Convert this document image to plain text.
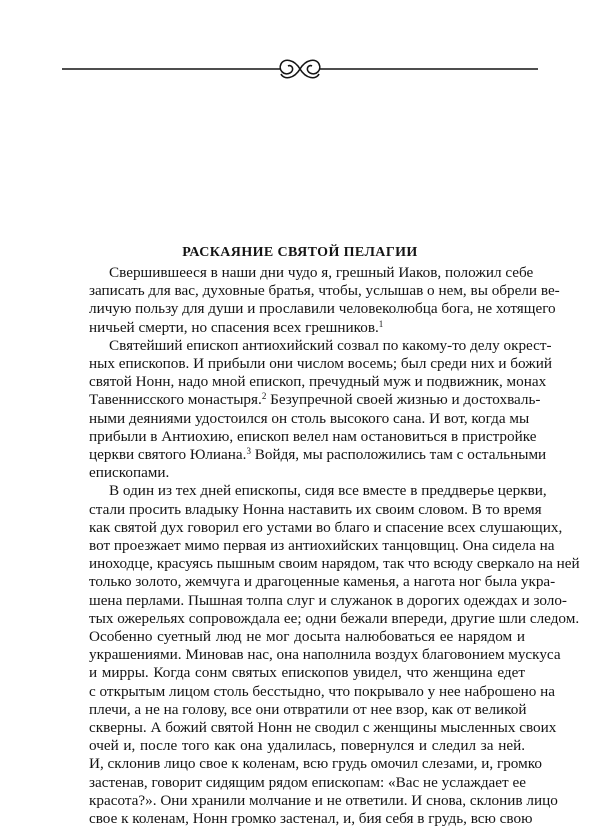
РАСКАЯНИЕ СВЯТОЙ ПЕЛАГИИ

Свершившееся в наши дни чудо я, грешный Иаков, положил себе
записать для вас, духовные братья, чтобы, услышав о нем, вы обрели ве-
личую пользу для души и прославили человеколюбца бога, не хотящего
ничьей смерти, но спасения всех грешников.$^1$

Святейший епископ антиохийский созвал по какому-то делу окрест-
ных епископов. И прибыли они числом восемь; был среди них и божий
святой Нонн, надо мной епископ, пречудный муж и подвижник, монах
Тавеннисского монастыря.$^2$ Безупречной своей жизнью и достохваль-
ными деяниями удостоился он столь высокого сана. И вот, когда мы
прибыли в Антиохию, епископ велел нам остановиться в пристройке
церкви святого Юлиана.$^3$ Войдя, мы расположились там с остальными
епископами.

В один из тех дней епископы, сидя все вместе в преддверье церкви,
стали просить владыку Нонна наставить их своим словом. В то время
как святой дух говорил его устами во благо и спасение всех слушающих,
вот проезжает мимо первая из антиохийских танцовщиц. Она сидела на
иноходце, красуясь пышным своим нарядом, так что всюду сверкало на ней
только золото, жемчуга и драгоценные каменья, а нагота ног была укра-
шена перлами. Пышная толпа слуг и служанок в дорогих одеждах и золо-
тых ожерельях сопровождала ее; одни бежали впереди, другие шли следом.
Особенно суетный люд не мог досыта налюбоваться ее нарядом и
украшениями. Миновав нас, она наполнила воздух благовонием мускуса
и мирры. Когда сонм святых епископов увидел, что женщина едет
с открытым лицом столь бесстыдно, что покрывало у нее наброшено на
плечи, а не на голову, все они отвратили от нее взор, как от великой
скверны. А божий святой Нонн не сводил с женщины мысленных своих
очей и, после того как она удалилась, повернулся и следил за ней.
И, склонив лицо свое к коленам, всю грудь омочил слезами, и, громко
застенав, говорит сидящим рядом епископам: «Вас не услаждает ее
красота?». Они хранили молчание и не ответили. И снова, склонив лицо
свое к коленам, Нонн громко застенал, и, бия себя в грудь, всю свою
